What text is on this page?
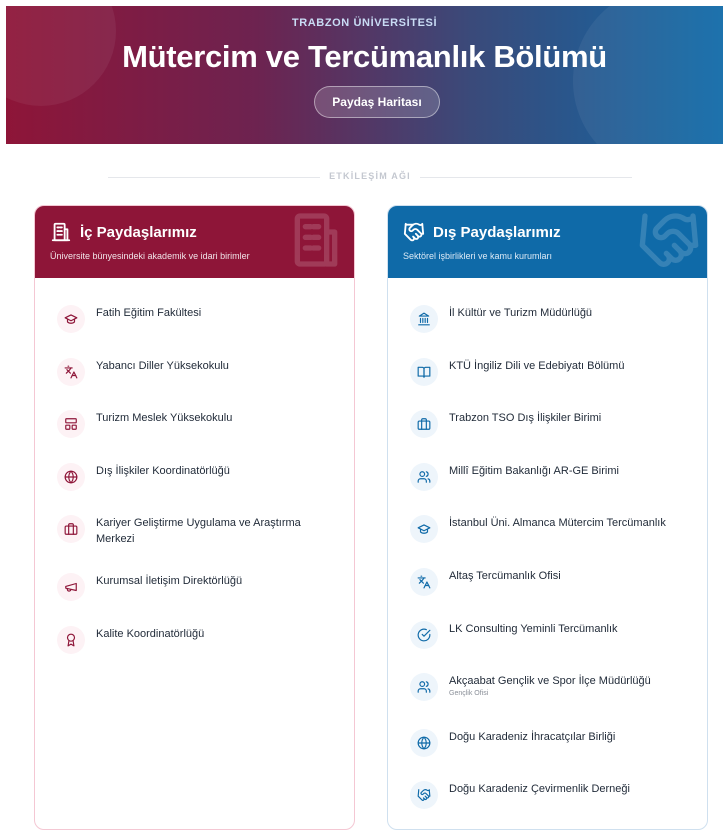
TRABZON ÜNİVERSİTESİ
Mütercim ve Tercümanlık Bölümü
Paydaş Haritası
ETKİLEŞİM AĞI
İç Paydaşlarımız
Üniversite bünyesindeki akademik ve idari birimler
Fatih Eğitim Fakültesi
Yabancı Diller Yüksekokulu
Turizm Meslek Yüksekokulu
Dış İlişkiler Koordinatörlüğü
Kariyer Geliştirme Uygulama ve Araştırma Merkezi
Kurumsal İletişim Direktörlüğü
Kalite Koordinatörlüğü
Dış Paydaşlarımız
Sektörel işbirlikleri ve kamu kurumları
İl Kültür ve Turizm Müdürlüğü
KTÜ İngiliz Dili ve Edebiyatı Bölümü
Trabzon TSO Dış İlişkiler Birimi
Millî Eğitim Bakanlığı AR-GE Birimi
İstanbul Üni. Almanca Mütercim Tercümanlık
Altaş Tercümanlık Ofisi
LK Consulting Yeminli Tercümanlık
Akçaabat Gençlik ve Spor İlçe Müdürlüğü
Gençlik Ofisi
Doğu Karadeniz İhracatçılar Birliği
Doğu Karadeniz Çevirmenlik Derneği
